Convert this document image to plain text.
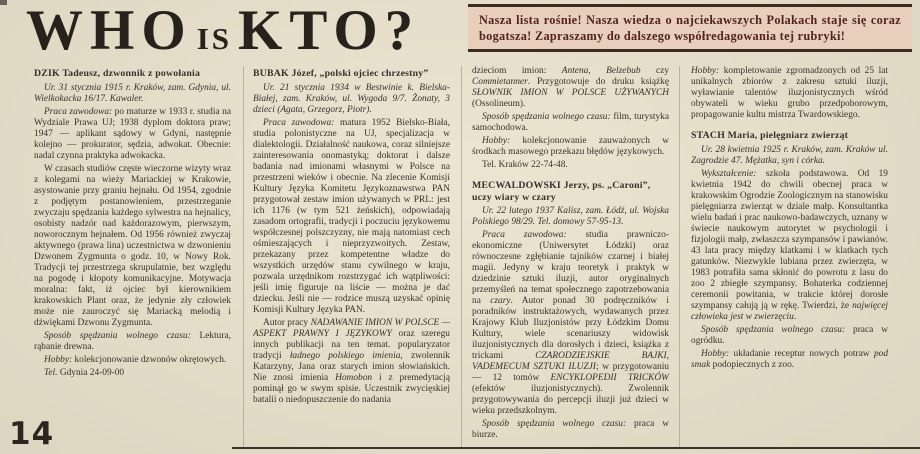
WHO IS KTO?	Nasza lista rośnie! Nasza wiedza o najciekawszych Polakach staje się coraz bogatsza! Zapraszamy do dalszego współredagowania tej rubryki!

DZIK Tadeusz, dzwonnik z powołania

Ur. 31 stycznia 1915 r. Kraków, zam. Gdynia, ul. Wielkokacka 16/17. Kawaler.

Praca zawodowa: po maturze w 1933 r. studia na Wydziale Prawa UJ; 1938 dyplom doktora praw; 1947 — aplikant sądowy w Gdyni, następnie kolejno — prokurator, sędzia, adwokat. Obecnie: nadal czynna praktyka adwokacka.

W czasach studiów częste wieczorne wizyty wraz z kolegami na wieży Mariackiej w Krakowie, asystowanie przy graniu hejnału. Od 1954, zgodnie z podjętym postanowieniem, przestrzeganie zwyczaju spędzania każdego sylwestra na hejnalicy, osobisty nadzór nad każdorazowym, pierwszym, noworocznym hejnałem. Od 1956 również zwyczaj aktywnego (prawa lina) uczestnictwa w dzwonieniu Dzwonem Zygmunta o godz. 10, w Nowy Rok. Tradycji tej przestrzega skrupulatnie, bez względu na pogodę i kłopoty komunikacyjne. Motywacja moralna: fakt, iż ojciec był kierownikiem krakowskich Plant oraz, że jedynie zły człowiek może nie zauroczyć się Mariacką melodią i dźwiękami Dzwonu Zygmunta.

Sposób spędzania wolnego czasu: Lektura, rąbanie drewna.

Hobby: kolekcjonowanie dzwonów okrętowych.

Tel. Gdynia 24-09-00

BUBAK Józef, „polski ojciec chrzestny”

Ur. 21 stycznia 1934 w Bestwinie k. Bielska-Białej, zam. Kraków, ul. Wygoda 9/7. Żonaty, 3 dzieci (Agata, Grzegorz, Piotr).

Praca zawodowa: matura 1952 Bielsko-Biała, studia polonistyczne na UJ, specjalizacja w dialektologii. Działalność naukowa, coraz silniejsze zainteresowania onomastyką; doktorat i dalsze badania nad imionami własnymi w Polsce na przestrzeni wieków i obecnie. Na zlecenie Komisji Kultury Języka Komitetu Językoznawstwa PAN przygotował zestaw imion używanych w PRL: jest ich 1176 (w tym 521 żeńskich), odpowiadają zasadom ortografii, tradycji i poczuciu językowemu współczesnej polszczyzny, nie mają natomiast cech ośmieszających i nieprzyzwoitych. Zestaw, przekazany przez kompetentne władze do wszystkich urzędów stanu cywilnego w kraju, pozwala urzędnikom rozstrzygać ich wątpliwości: jeśli imię figuruje na liście — można je dać dziecku. Jeśli nie — rodzice muszą uzyskać opinię Komisji Kultury Języka PAN.

Autor pracy NADAWANIE IMION W POLSCE — ASPEKT PRAWNY I JĘZYKOWY oraz szeregu innych publikacji na ten temat. popularyzator tradycji ładnego polskiego imienia, zwolennik Katarzyny, Jana oraz starych imion słowiańskich. Nie znosi imienia Homobon i z premedytacją pominął go w swym spisie. Uczestnik zwycięskiej batalii o niedopuszczenie do nadania

dzieciom imion: Antena, Belzebub czy Commietanner. Przygotowuje do druku książkę SŁOWNIK IMION W POLSCE UŻYWANYCH (Ossolineum).

Sposób spędzania wolnego czasu: film, turystyka samochodowa.

Hobby: kolekcjonowanie zauważonych w środkach masowego przekazu błędów językowych.

Tel. Kraków 22-74-48.

MECWALDOWSKI Jerzy, ps. „Caroni”, uczy wiary w czary

Ur. 22 lutego 1937 Kalisz, zam. Łódź, ul. Wojska Polskiego 98/29. Tel. domowy 57-95-13.

Praca zawodowa: studia prawniczo-ekonomiczne (Uniwersytet Łódzki) oraz równoczesne zgłębianie tajników czarnej i białej magii. Jedyny w kraju teoretyk i praktyk w dziedzinie sztuki iluzji, autor oryginalnych przemyśleń na temat społecznego zapotrzebowania na czary. Autor ponad 30 podręczników i poradników instruktażowych, wydawanych przez Krajowy Klub Iluzjonistów przy Łódzkim Domu Kultury, wiele scenariuszy widowisk iluzjonistycznych dla dorosłych i dzieci, książka z trickami CZARODZIEJSKIE BAJKI, VADEMECUM SZTUKI ILUZJI; w przygotowaniu — 12 tomów ENCYKLOPEDII TRICKÓW (efektów iluzjonistycznych). Zwolennik przygotowywania do percepcji iluzji już dzieci w wieku przedszkolnym.

Sposób spędzania wolnego czasu: praca w biurze.

Hobby: kompletowanie zgromadzonych od 25 lat unikalnych zbiorów z zakresu sztuki iluzji, wyławianie talentów iluzjonistycznych wśród obywateli w wieku grubo przedpoborowym, propagowanie kultu mistrza Twardowskiego.

STACH Maria, pielęgniarz zwierząt

Ur. 28 kwietnia 1925 r. Kraków, zam. Kraków ul. Zagrodzie 47. Mężatka, syn i córka.

Wykształcenie: szkoła podstawowa. Od 19 kwietnia 1942 do chwili obecnej praca w krakowskim Ogrodzie Zoologicznym na stanowisku pielęgniarza zwierząt w dziale małp. Konsultantka wielu badań i prac naukowo-badawczych, uznany w świecie naukowym autorytet w psychologii i fizjologii małp, zwłaszcza szympansów i pawianów. 43 lata pracy między klatkami i w klatkach tych gatunków. Niezwykle lubiana przez zwierzęta, w 1983 potrafiła sama skłonić do powrotu z lasu do zoo 2 zbiegłe szympansy. Bohaterka codziennej ceremonii powitania, w trakcie której dorosłe szympansy całują ją w rękę. Twierdzi, że najwięcej człowieka jest w zwierzęciu.

Sposób spędzania wolnego czasu: praca w ogródku.

Hobby: układanie receptur nowych potraw pod smak podopiecznych z zoo.

14
